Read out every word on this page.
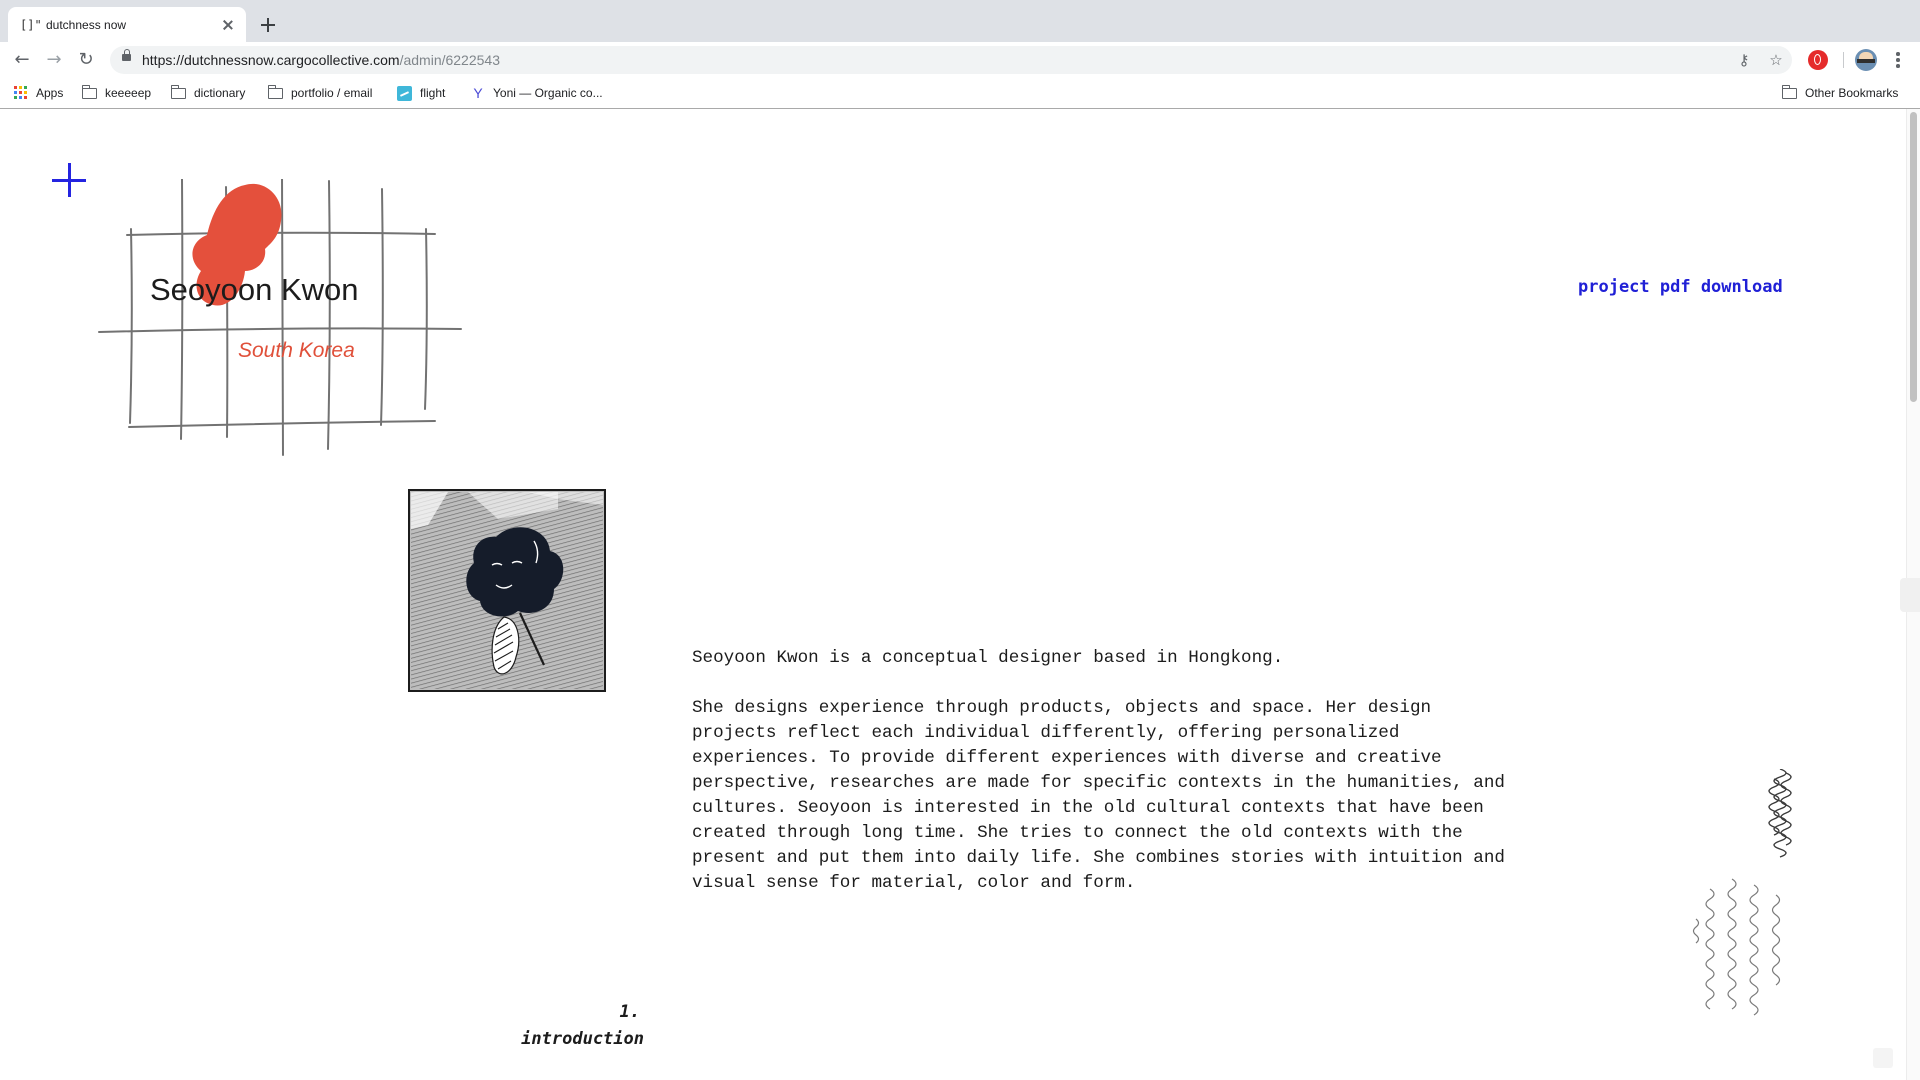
[]" dutchness now
← → ↻	https://dutchnessnow.cargocollective.com/admin/6222543	⚷	☆
Apps	keeeeep	dictionary	portfolio / email	flight Y Yoni — Organic co...	Other Bookmarks
Seoyoon Kwon
South Korea
project pdf download

Seoyoon Kwon is a conceptual designer based in Hongkong.

She designs experience through products, objects and space. Her design
projects reflect each individual differently, offering personalized
experiences. To provide different experiences with diverse and creative
perspective, researches are made for specific contexts in the humanities, and
cultures. Seoyoon is interested in the old cultural contexts that have been
created through long time. She tries to connect the old contexts with the
present and put them into daily life. She combines stories with intuition and
visual sense for material, color and form.

1.
introduction
